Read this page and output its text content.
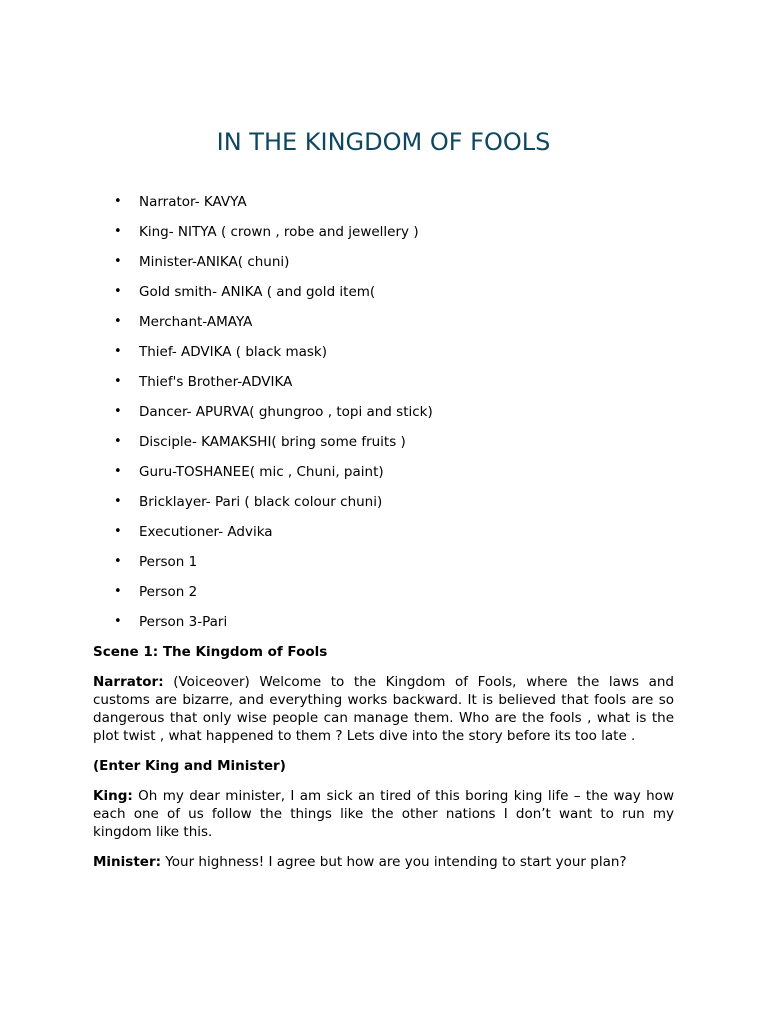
IN THE KINGDOM OF FOOLS
• Narrator- KAVYA
• King- NITYA ( crown , robe and jewellery )
• Minister-ANIKA( chuni)
• Gold smith- ANIKA ( and gold item(
• Merchant-AMAYA
• Thief- ADVIKA ( black mask)
• Thief's Brother-ADVIKA
• Dancer- APURVA( ghungroo , topi and stick)
• Disciple- KAMAKSHI( bring some fruits )
• Guru-TOSHANEE( mic , Chuni, paint)
• Bricklayer- Pari ( black colour chuni)
• Executioner- Advika
• Person 1
• Person 2
• Person 3-Pari

Scene 1: The Kingdom of Fools

Narrator: (Voiceover) Welcome to the Kingdom of Fools, where the laws and customs are bizarre, and everything works backward. It is believed that fools are so dangerous that only wise people can manage them. Who are the fools , what is the plot twist , what happened to them ? Lets dive into the story before its too late .

(Enter King and Minister)

King: Oh my dear minister, I am sick an tired of this boring king life – the way how each one of us follow the things like the other nations I don’t want to run my kingdom like this.

Minister: Your highness! I agree but how are you intending to start your plan?
